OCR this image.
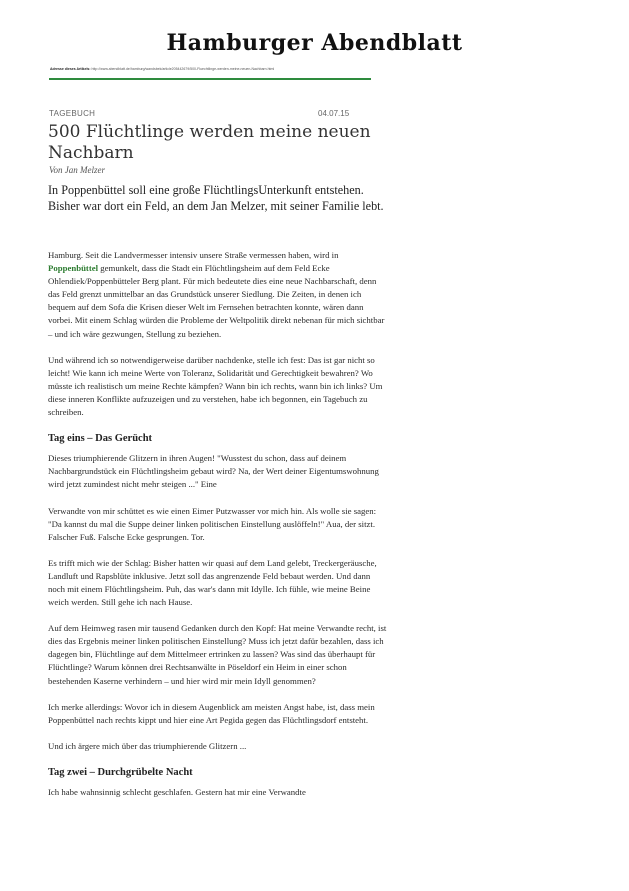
Hamburger Abendblatt
Adresse dieses Artikels: http://www.abendblatt.de/hamburg/wandsbek/article205442679/500-Fluechtlinge-werden-meine-neuen-Nachbarn.html
TAGEBUCH	04.07.15
500 Flüchtlinge werden meine neuen Nachbarn
Von Jan Melzer

In Poppenbüttel soll eine große FlüchtlingsUnterkunft entstehen. Bisher war dort ein Feld, an dem Jan Melzer, mit seiner Familie lebt.

Hamburg. Seit die Landvermesser intensiv unsere Straße vermessen haben, wird in Poppenbüttel gemunkelt, dass die Stadt ein Flüchtlingsheim auf dem Feld Ecke Ohlendiek/Poppenbütteler Berg plant. Für mich bedeutete dies eine neue Nachbarschaft, denn das Feld grenzt unmittelbar an das Grundstück unserer Siedlung. Die Zeiten, in denen ich bequem auf dem Sofa die Krisen dieser Welt im Fernsehen betrachten konnte, wären dann vorbei. Mit einem Schlag würden die Probleme der Weltpolitik direkt nebenan für mich sichtbar – und ich wäre gezwungen, Stellung zu beziehen.

Und während ich so notwendigerweise darüber nachdenke, stelle ich fest: Das ist gar nicht so leicht! Wie kann ich meine Werte von Toleranz, Solidarität und Gerechtigkeit bewahren? Wo müsste ich realistisch um meine Rechte kämpfen? Wann bin ich rechts, wann bin ich links? Um diese inneren Konflikte aufzuzeigen und zu verstehen, habe ich begonnen, ein Tagebuch zu schreiben.

Tag eins – Das Gerücht

Dieses triumphierende Glitzern in ihren Augen! "Wusstest du schon, dass auf deinem Nachbargrundstück ein Flüchtlingsheim gebaut wird? Na, der Wert deiner Eigentumswohnung wird jetzt zumindest nicht mehr steigen ..." Eine

Verwandte von mir schüttet es wie einen Eimer Putzwasser vor mich hin. Als wolle sie sagen: "Da kannst du mal die Suppe deiner linken politischen Einstellung auslöffeln!" Aua, der sitzt. Falscher Fuß. Falsche Ecke gesprungen. Tor.

Es trifft mich wie der Schlag: Bisher hatten wir quasi auf dem Land gelebt, Treckergeräusche, Landluft und Rapsblüte inklusive. Jetzt soll das angrenzende Feld bebaut werden. Und dann noch mit einem Flüchtlingsheim. Puh, das war's dann mit Idylle. Ich fühle, wie meine Beine weich werden. Still gehe ich nach Hause.

Auf dem Heimweg rasen mir tausend Gedanken durch den Kopf: Hat meine Verwandte recht, ist dies das Ergebnis meiner linken politischen Einstellung? Muss ich jetzt dafür bezahlen, dass ich dagegen bin, Flüchtlinge auf dem Mittelmeer ertrinken zu lassen? Was sind das überhaupt für Flüchtlinge? Warum können drei Rechtsanwälte in Pöseldorf ein Heim in einer schon bestehenden Kaserne verhindern – und hier wird mir mein Idyll genommen?

Ich merke allerdings: Wovor ich in diesem Augenblick am meisten Angst habe, ist, dass mein Poppenbüttel nach rechts kippt und hier eine Art Pegida gegen das Flüchtlingsdorf entsteht.

Und ich ärgere mich über das triumphierende Glitzern ...

Tag zwei – Durchgrübelte Nacht

Ich habe wahnsinnig schlecht geschlafen. Gestern hat mir eine Verwandte
